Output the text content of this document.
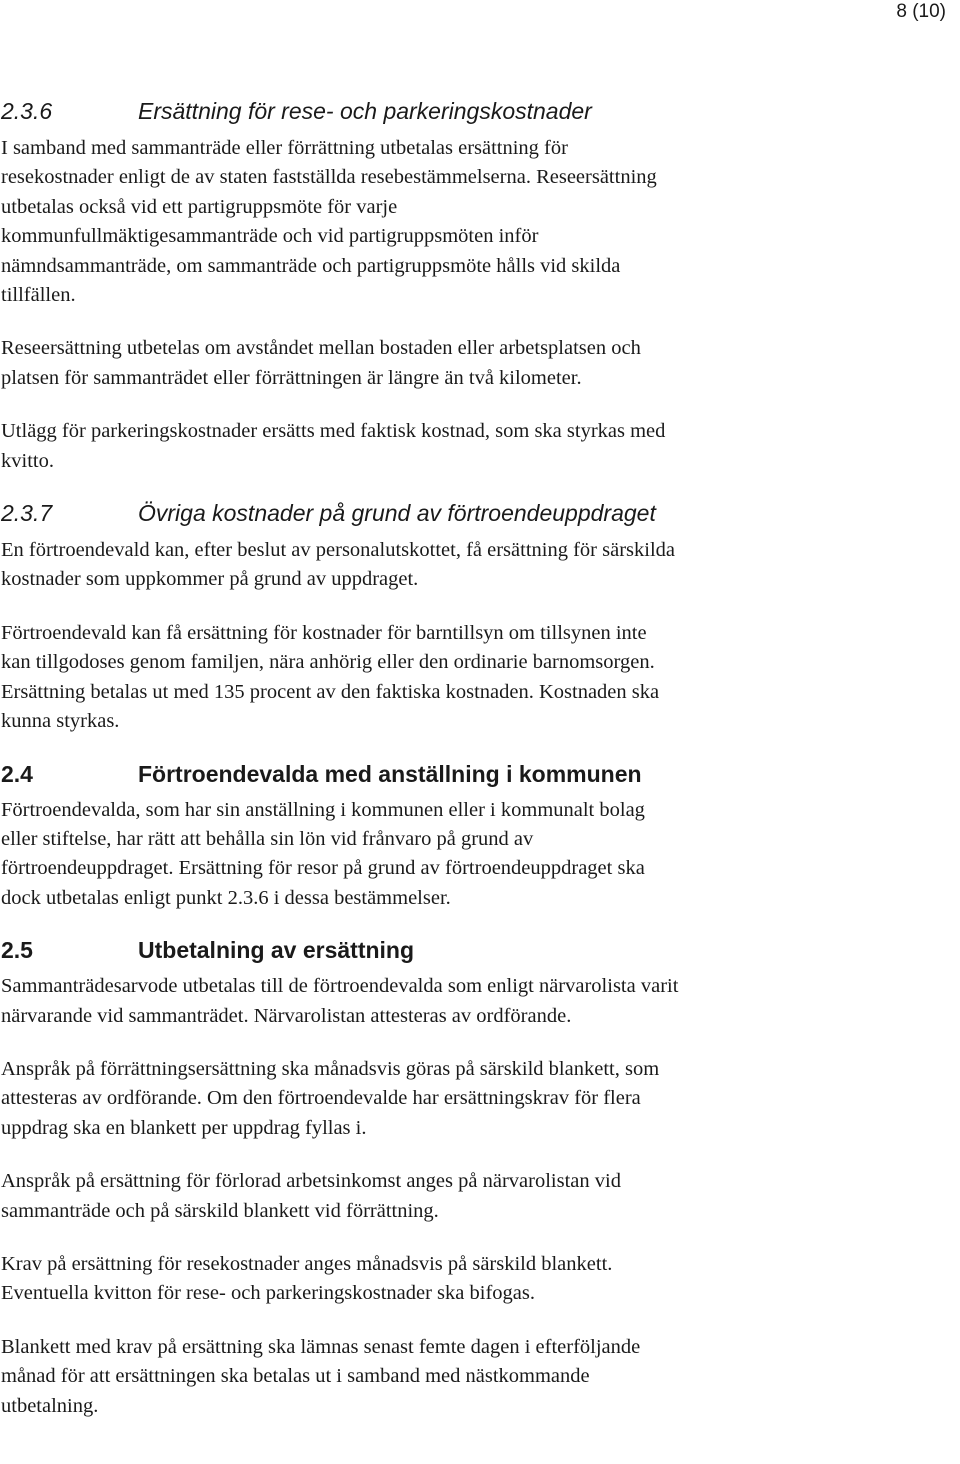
8 (10)
2.3.6	Ersättning för rese- och parkeringskostnader

I samband med sammanträde eller förrättning utbetalas ersättning för
resekostnader enligt de av staten fastställda resebestämmelserna. Reseersättning
utbetalas också vid ett partigruppsmöte för varje
kommunfullmäktigesammanträde och vid partigruppsmöten inför
nämndsammanträde, om sammanträde och partigruppsmöte hålls vid skilda
tillfällen.

Reseersättning utbetelas om avståndet mellan bostaden eller arbetsplatsen och
platsen för sammanträdet eller förrättningen är längre än två kilometer.

Utlägg för parkeringskostnader ersätts med faktisk kostnad, som ska styrkas med
kvitto.

2.3.7	Övriga kostnader på grund av förtroendeuppdraget

En förtroendevald kan, efter beslut av personalutskottet, få ersättning för särskilda
kostnader som uppkommer på grund av uppdraget.

Förtroendevald kan få ersättning för kostnader för barntillsyn om tillsynen inte
kan tillgodoses genom familjen, nära anhörig eller den ordinarie barnomsorgen.
Ersättning betalas ut med 135 procent av den faktiska kostnaden. Kostnaden ska
kunna styrkas.

2.4	Förtroendevalda med anställning i kommunen

Förtroendevalda, som har sin anställning i kommunen eller i kommunalt bolag
eller stiftelse, har rätt att behålla sin lön vid frånvaro på grund av
förtroendeuppdraget. Ersättning för resor på grund av förtroendeuppdraget ska
dock utbetalas enligt punkt 2.3.6 i dessa bestämmelser.

2.5	Utbetalning av ersättning

Sammanträdesarvode utbetalas till de förtroendevalda som enligt närvarolista varit
närvarande vid sammanträdet. Närvarolistan attesteras av ordförande.

Anspråk på förrättningsersättning ska månadsvis göras på särskild blankett, som
attesteras av ordförande. Om den förtroendevalde har ersättningskrav för flera
uppdrag ska en blankett per uppdrag fyllas i.

Anspråk på ersättning för förlorad arbetsinkomst anges på närvarolistan vid
sammanträde och på särskild blankett vid förrättning.

Krav på ersättning för resekostnader anges månadsvis på särskild blankett.
Eventuella kvitton för rese- och parkeringskostnader ska bifogas.

Blankett med krav på ersättning ska lämnas senast femte dagen i efterföljande
månad för att ersättningen ska betalas ut i samband med nästkommande
utbetalning.
